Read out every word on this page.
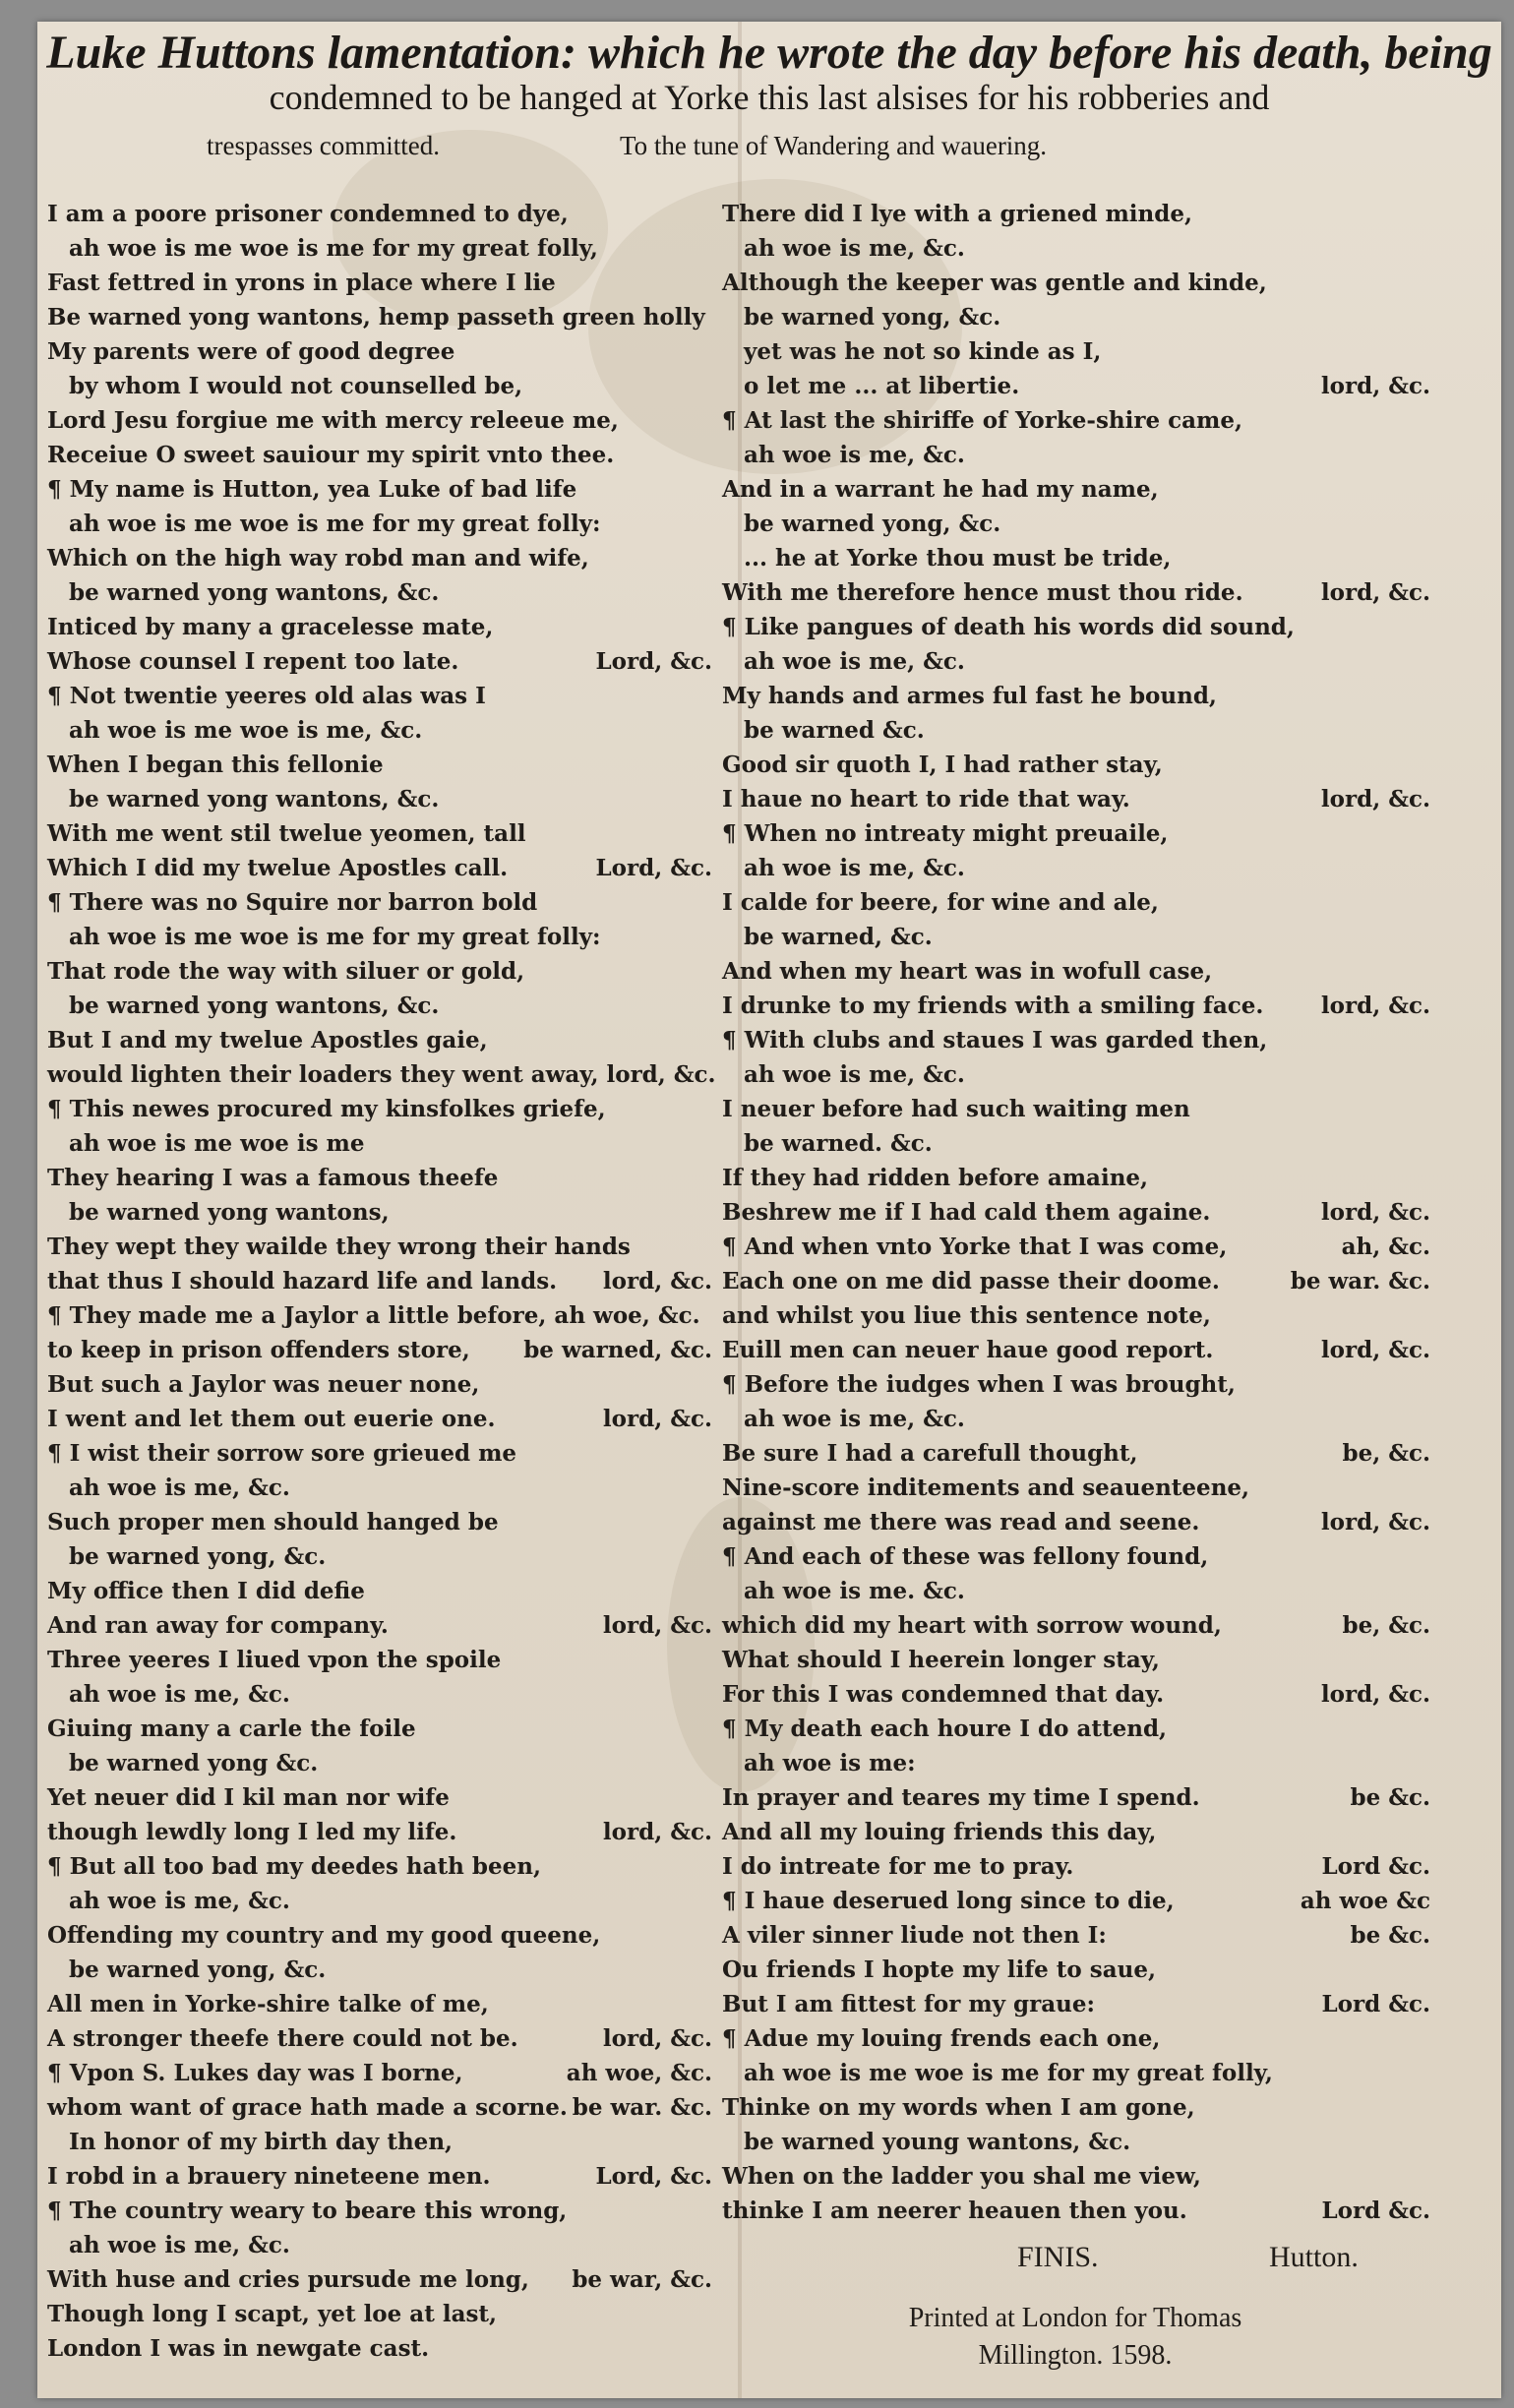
Luke Huttons lamentation: which he wrote the day before his death, being
condemned to be hanged at Yorke this last alsises for his robberies and
trespasses committed.	To the tune of Wandering and wauering.
I am a poore prisoner condemned to dye,
ah woe is me woe is me for my great folly,
Fast fettred in yrons in place where I lie
Be warned yong wantons, hemp passeth green holly
My parents were of good degree
by whom I would not counselled be,
Lord Jesu forgiue me with mercy releeue me,
Receiue O sweet sauiour my spirit vnto thee.
¶ My name is Hutton, yea Luke of bad life
ah woe is me woe is me for my great folly:
Which on the high way robd man and wife,
be warned yong wantons, &c.
Inticed by many a gracelesse mate,
Whose counsel I repent too late.	Lord, &c.
¶ Not twentie yeeres old alas was I
ah woe is me woe is me, &c.
When I began this fellonie
be warned yong wantons, &c.
With me went stil twelue yeomen, tall
Which I did my twelue Apostles call.	Lord, &c.
¶ There was no Squire nor barron bold
ah woe is me woe is me for my great folly:
That rode the way with siluer or gold,
be warned yong wantons, &c.
But I and my twelue Apostles gaie,
would lighten their loaders they went away, lord, &c.
¶ This newes procured my kinsfolkes griefe,
ah woe is me woe is me
They hearing I was a famous theefe
be warned yong wantons,
They wept they wailde they wrong their hands
that thus I should hazard life and lands. lord, &c.
¶ They made me a Jaylor a little before, ah woe, &c.
to keep in prison offenders store, be warned, &c.
But such a Jaylor was neuer none,
I went and let them out euerie one.	lord, &c.
¶ I wist their sorrow sore grieued me
ah woe is me, &c.
Such proper men should hanged be
be warned yong, &c.
My office then I did defie
And ran away for company.	lord, &c.
Three yeeres I liued vpon the spoile
ah woe is me, &c.
Giuing many a carle the foile
be warned yong &c.
Yet neuer did I kil man nor wife
though lewdly long I led my life.	lord, &c.
¶ But all too bad my deedes hath been,
ah woe is me, &c.
Offending my country and my good queene,
be warned yong, &c.
All men in Yorke-shire talke of me,
A stronger theefe there could not be.	lord, &c.
¶ Vpon S. Lukes day was I borne,	ah woe, &c.
whom want of grace hath made a scorne. be war. &c.
In honor of my birth day then,
I robd in a brauery nineteene men.	Lord, &c.
¶ The country weary to beare this wrong,
ah woe is me, &c.
With huse and cries pursude me long, be war, &c.
Though long I scapt, yet loe at last,
London I was in newgate cast.
There did I lye with a griened minde,
ah woe is me, &c.
Although the keeper was gentle and kinde,
be warned yong, &c.
yet was he not so kinde as I,
o let me ... at libertie.	lord, &c.
¶ At last the shiriffe of Yorke-shire came,
ah woe is me, &c.
And in a warrant he had my name,
be warned yong, &c.
... he at Yorke thou must be tride,
With me therefore hence must thou ride.	lord, &c.
¶ Like pangues of death his words did sound,
ah woe is me, &c.
My hands and armes ful fast he bound,
be warned &c.
Good sir quoth I, I had rather stay,
I haue no heart to ride that way.	lord, &c.
¶ When no intreaty might preuaile,
ah woe is me, &c.
I calde for beere, for wine and ale,
be warned, &c.
And when my heart was in wofull case,
I drunke to my friends with a smiling face.	lord, &c.
¶ With clubs and staues I was garded then,
ah woe is me, &c.
I neuer before had such waiting men
be warned. &c.
If they had ridden before amaine,
Beshrew me if I had cald them againe.	lord, &c.
¶ And when vnto Yorke that I was come,	ah, &c.
Each one on me did passe their doome.	be war. &c.
and whilst you liue this sentence note,
Euill men can neuer haue good report.	lord, &c.
¶ Before the iudges when I was brought,
ah woe is me, &c.
Be sure I had a carefull thought,	be, &c.
Nine-score inditements and seauenteene,
against me there was read and seene.	lord, &c.
¶ And each of these was fellony found,
ah woe is me. &c.
which did my heart with sorrow wound,	be, &c.
What should I heerein longer stay,
For this I was condemned that day.	lord, &c.
¶ My death each houre I do attend,
ah woe is me:
In prayer and teares my time I spend.	be &c.
And all my louing friends this day,
I do intreate for me to pray.	Lord &c.
¶ I haue deserued long since to die,	ah woe &c
A viler sinner liude not then I:	be &c.
Ou friends I hopte my life to saue,
But I am fittest for my graue:	Lord &c.
¶ Adue my louing frends each one,
ah woe is me woe is me for my great folly,
Thinke on my words when I am gone,
be warned young wantons, &c.
When on the ladder you shal me view,
thinke I am neerer heauen then you.	Lord &c.
FINIS.	Hutton.
Printed at London for Thomas
Millington. 1598.
